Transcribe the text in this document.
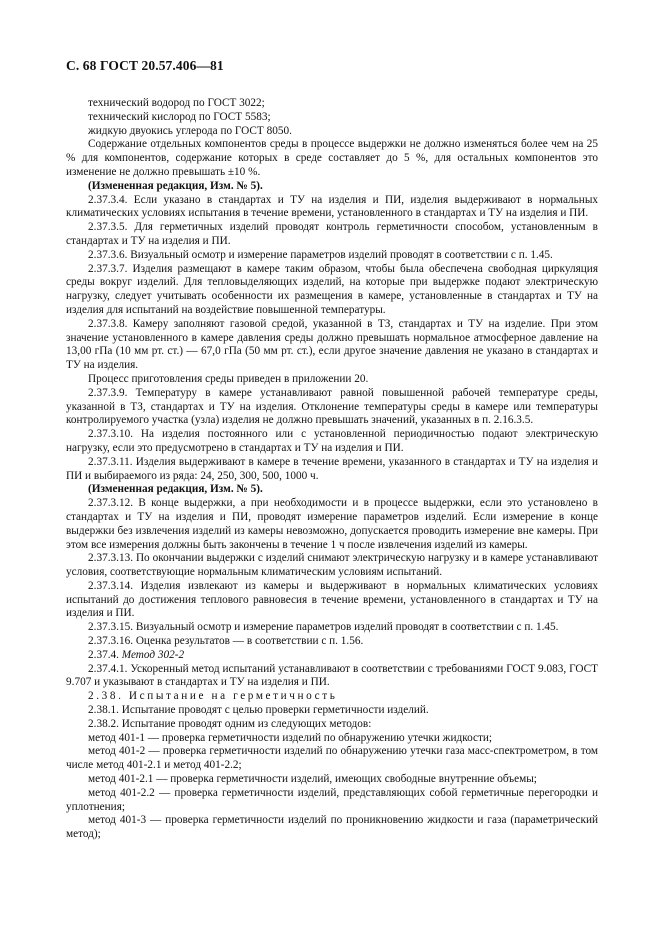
С. 68 ГОСТ 20.57.406—81

технический водород по ГОСТ 3022;

технический кислород по ГОСТ 5583;

жидкую двуокись углерода по ГОСТ 8050.

Содержание отдельных компонентов среды в процессе выдержки не должно изменяться более чем на 25 % для компонентов, содержание которых в среде составляет до 5 %, для остальных компонентов это изменение не должно превышать ±10 %.

(Измененная редакция, Изм. № 5).

2.37.3.4. Если указано в стандартах и ТУ на изделия и ПИ, изделия выдерживают в нормальных климатических условиях испытания в течение времени, установленного в стандартах и ТУ на изделия и ПИ.

2.37.3.5. Для герметичных изделий проводят контроль герметичности способом, установленным в стандартах и ТУ на изделия и ПИ.

2.37.3.6. Визуальный осмотр и измерение параметров изделий проводят в соответствии с п. 1.45.

2.37.3.7. Изделия размещают в камере таким образом, чтобы была обеспечена свободная циркуляция среды вокруг изделий. Для тепловыделяющих изделий, на которые при выдержке подают электрическую нагрузку, следует учитывать особенности их размещения в камере, установленные в стандартах и ТУ на изделия для испытаний на воздействие повышенной температуры.

2.37.3.8. Камеру заполняют газовой средой, указанной в ТЗ, стандартах и ТУ на изделие. При этом значение установленного в камере давления среды должно превышать нормальное атмосферное давление на 13,00 гПа (10 мм рт. ст.) — 67,0 гПа (50 мм рт. ст.), если другое значение давления не указано в стандартах и ТУ на изделия.

Процесс приготовления среды приведен в приложении 20.

2.37.3.9. Температуру в камере устанавливают равной повышенной рабочей температуре среды, указанной в ТЗ, стандартах и ТУ на изделия. Отклонение температуры среды в камере или температуры контролируемого участка (узла) изделия не должно превышать значений, указанных в п. 2.16.3.5.

2.37.3.10. На изделия постоянного или с установленной периодичностью подают электрическую нагрузку, если это предусмотрено в стандартах и ТУ на изделия и ПИ.

2.37.3.11. Изделия выдерживают в камере в течение времени, указанного в стандартах и ТУ на изделия и ПИ и выбираемого из ряда: 24, 250, 300, 500, 1000 ч.

(Измененная редакция, Изм. № 5).

2.37.3.12. В конце выдержки, а при необходимости и в процессе выдержки, если это установлено в стандартах и ТУ на изделия и ПИ, проводят измерение параметров изделий. Если измерение в конце выдержки без извлечения изделий из камеры невозможно, допускается проводить измерение вне камеры. При этом все измерения должны быть закончены в течение 1 ч после извлечения изделий из камеры.

2.37.3.13. По окончании выдержки с изделий снимают электрическую нагрузку и в камере устанавливают условия, соответствующие нормальным климатическим условиям испытаний.

2.37.3.14. Изделия извлекают из камеры и выдерживают в нормальных климатических условиях испытаний до достижения теплового равновесия в течение времени, установленного в стандартах и ТУ на изделия и ПИ.

2.37.3.15. Визуальный осмотр и измерение параметров изделий проводят в соответствии с п. 1.45.

2.37.3.16. Оценка результатов — в соответствии с п. 1.56.

2.37.4. Метод 302-2

2.37.4.1. Ускоренный метод испытаний устанавливают в соответствии с требованиями ГОСТ 9.083, ГОСТ 9.707 и указывают в стандартах и ТУ на изделия и ПИ.

2.38. Испытание на герметичность

2.38.1. Испытание проводят с целью проверки герметичности изделий.

2.38.2. Испытание проводят одним из следующих методов:

метод 401-1 — проверка герметичности изделий по обнаружению утечки жидкости;

метод 401-2 — проверка герметичности изделий по обнаружению утечки газа масс-спектрометром, в том числе метод 401-2.1 и метод 401-2.2;

метод 401-2.1 — проверка герметичности изделий, имеющих свободные внутренние объемы;

метод 401-2.2 — проверка герметичности изделий, представляющих собой герметичные перегородки и уплотнения;

метод 401-3 — проверка герметичности изделий по проникновению жидкости и газа (параметрический метод);
